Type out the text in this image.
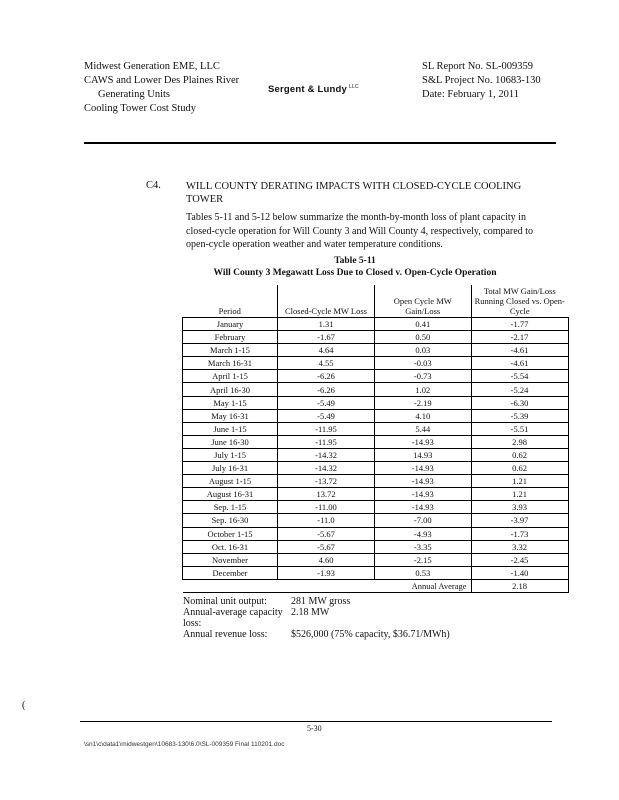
Midwest Generation EME, LLC
CAWS and Lower Des Plaines River
Generating Units
Cooling Tower Cost Study
Sergent & Lundy $^{LLC}$
SL Report No. SL-009359
S&L Project No. 10683-130
Date: February 1, 2011
C4. WILL COUNTY DERATING IMPACTS WITH CLOSED-CYCLE COOLING TOWER
Tables 5-11 and 5-12 below summarize the month-by-month loss of plant capacity in closed-cycle operation for Will County 3 and Will County 4, respectively, compared to open-cycle operation weather and water temperature conditions.
Table 5-11
Will County 3 Megawatt Loss Due to Closed v. Open-Cycle Operation
Period	Closed-Cycle MW Loss	Open Cycle MW Gain/Loss	Total MW Gain/Loss Running Closed vs. Open-Cycle
January	1.31	0.41	-1.77
February	-1.67	0.50	-2.17
March 1-15	4.64	0.03	-4.61
March 16-31	4.55	-0.03	-4.61
April 1-15	-6.26	-0.73	-5.54
April 16-30	-6.26	1.02	-5.24
May 1-15	-5.49	-2.19	-6.30
May 16-31	-5.49	4.10	-5.39
June 1-15	-11.95	5.44	-5.51
June 16-30	-11.95	-14.93	2.98
July 1-15	-14.32	14.93	0.62
July 16-31	-14.32	-14.93	0.62
August 1-15	-13.72	-14.93	1.21
August 16-31	13.72	-14.93	1.21
Sep. 1-15	-11.00	-14.93	3.93
Sep. 16-30	-11.0	-7.00	-3.97
October 1-15	-5.67	-4.93	-1.73
Oct. 16-31	-5.67	-3.35	3.32
November	4.60	-2.15	-2.45
December	-1.93	0.53	-1.40
		Annual Average	2.18
Nominal unit output:	281 MW gross
Annual-average capacity loss:
2.18 MW
Annual revenue loss:	$526,000 (75% capacity, $36.71/MWh)
(
5-30
\sn1\c\data1\midwestgen\10683-130\6.0\SL-009359 Final 110201.doc
